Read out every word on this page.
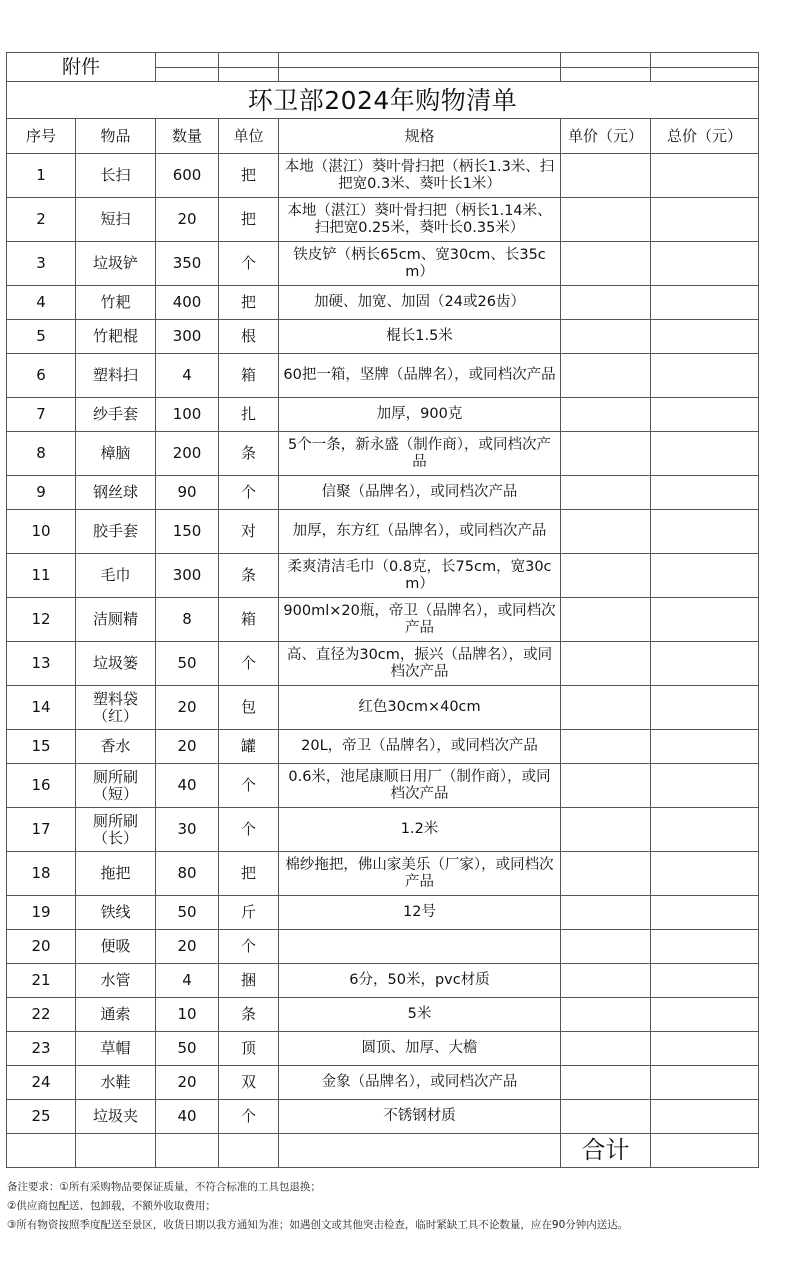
附件						

环卫部2024年购物清单						
序号	物品	数量	单位	规格	单价（元）	总价（元）
1	长扫	600	把	本地（湛江）葵叶骨扫把（柄长1.3米、扫把宽0.3米、葵叶长1米）		
2	短扫	20	把	本地（湛江）葵叶骨扫把（柄长1.14米、扫把宽0.25米，葵叶长0.35米）		
3	垃圾铲	350	个	铁皮铲（柄长65cm、宽30cm、长35cm）		
4	竹耙	400	把	加硬、加宽、加固（24或26齿）		
5	竹耙棍	300	根	棍长1.5米		
6	塑料扫	4	箱	60把一箱，坚牌（品牌名），或同档次产品		
7	纱手套	100	扎	加厚，900克		
8	樟脑	200	条	5个一条，新永盛（制作商），或同档次产品		
9	钢丝球	90	个	信聚（品牌名），或同档次产品		
10	胶手套	150	对	加厚，东方红（品牌名），或同档次产品		
11	毛巾	300	条	柔爽清洁毛巾（0.8克，长75cm，宽30cm）		
12	洁厕精	8	箱	900ml×20瓶，帝卫（品牌名），或同档次产品		
13	垃圾篓	50	个	高、直径为30cm，振兴（品牌名），或同档次产品		
14	塑料袋（红）	20	包	红色30cm×40cm		
15	香水	20	罐	20L，帝卫（品牌名），或同档次产品		
16	厕所刷（短）	40	个	0.6米，池尾康顺日用厂（制作商），或同档次产品		
17	厕所刷（长）	30	个	1.2米		
18	拖把	80	把	棉纱拖把，佛山家美乐（厂家），或同档次产品		
19	铁线	50	斤	12号		
20	便吸	20	个			
21	水管	4	捆	6分，50米，pvc材质		
22	通索	10	条	5米		
23	草帽	50	顶	圆顶、加厚、大檐		
24	水鞋	20	双	金象（品牌名），或同档次产品		
25	垃圾夹	40	个	不锈钢材质		
					合计	
备注要求：①所有采购物品要保证质量，不符合标准的工具包退换；
②供应商包配送、包卸载，不额外收取费用；
③所有物资按照季度配送至景区，收货日期以我方通知为准；如遇创文或其他突击检查，临时紧缺工具不论数量，应在90分钟内送达。
